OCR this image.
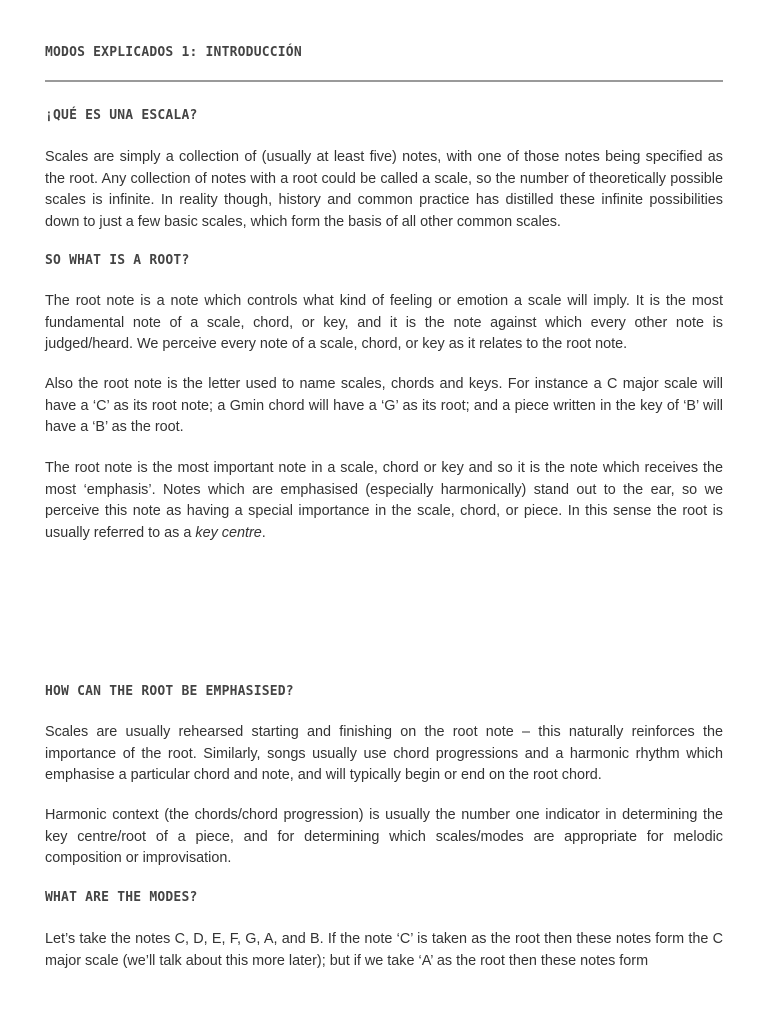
MODOS EXPLICADOS 1: INTRODUCCIÓN
¡QUÉ ES UNA ESCALA?

Scales are simply a collection of (usually at least five) notes, with one of those notes being specified as the root. Any collection of notes with a root could be called a scale, so the number of theoretically possible scales is infinite. In reality though, history and common practice has distilled these infinite possibilities down to just a few basic scales, which form the basis of all other common scales.

SO WHAT IS A ROOT?

The root note is a note which controls what kind of feeling or emotion a scale will imply. It is the most fundamental note of a scale, chord, or key, and it is the note against which every other note is judged/heard. We perceive every note of a scale, chord, or key as it relates to the root note.

Also the root note is the letter used to name scales, chords and keys. For instance a C major scale will have a ‘C’ as its root note; a Gmin chord will have a ‘G’ as its root; and a piece written in the key of ‘B’ will have a ‘B’ as the root.

The root note is the most important note in a scale, chord or key and so it is the note which receives the most ‘emphasis’. Notes which are emphasised (especially harmonically) stand out to the ear, so we perceive this note as having a special importance in the scale, chord, or piece. In this sense the root is usually referred to as a key centre.

HOW CAN THE ROOT BE EMPHASISED?

Scales are usually rehearsed starting and finishing on the root note – this naturally reinforces the importance of the root. Similarly, songs usually use chord progressions and a harmonic rhythm which emphasise a particular chord and note, and will typically begin or end on the root chord.

Harmonic context (the chords/chord progression) is usually the number one indicator in determining the key centre/root of a piece, and for determining which scales/modes are appropriate for melodic composition or improvisation.

WHAT ARE THE MODES?

Let’s take the notes C, D, E, F, G, A, and B. If the note ‘C’ is taken as the root then these notes form the C major scale (we’ll talk about this more later); but if we take ‘A’ as the root then these notes form
